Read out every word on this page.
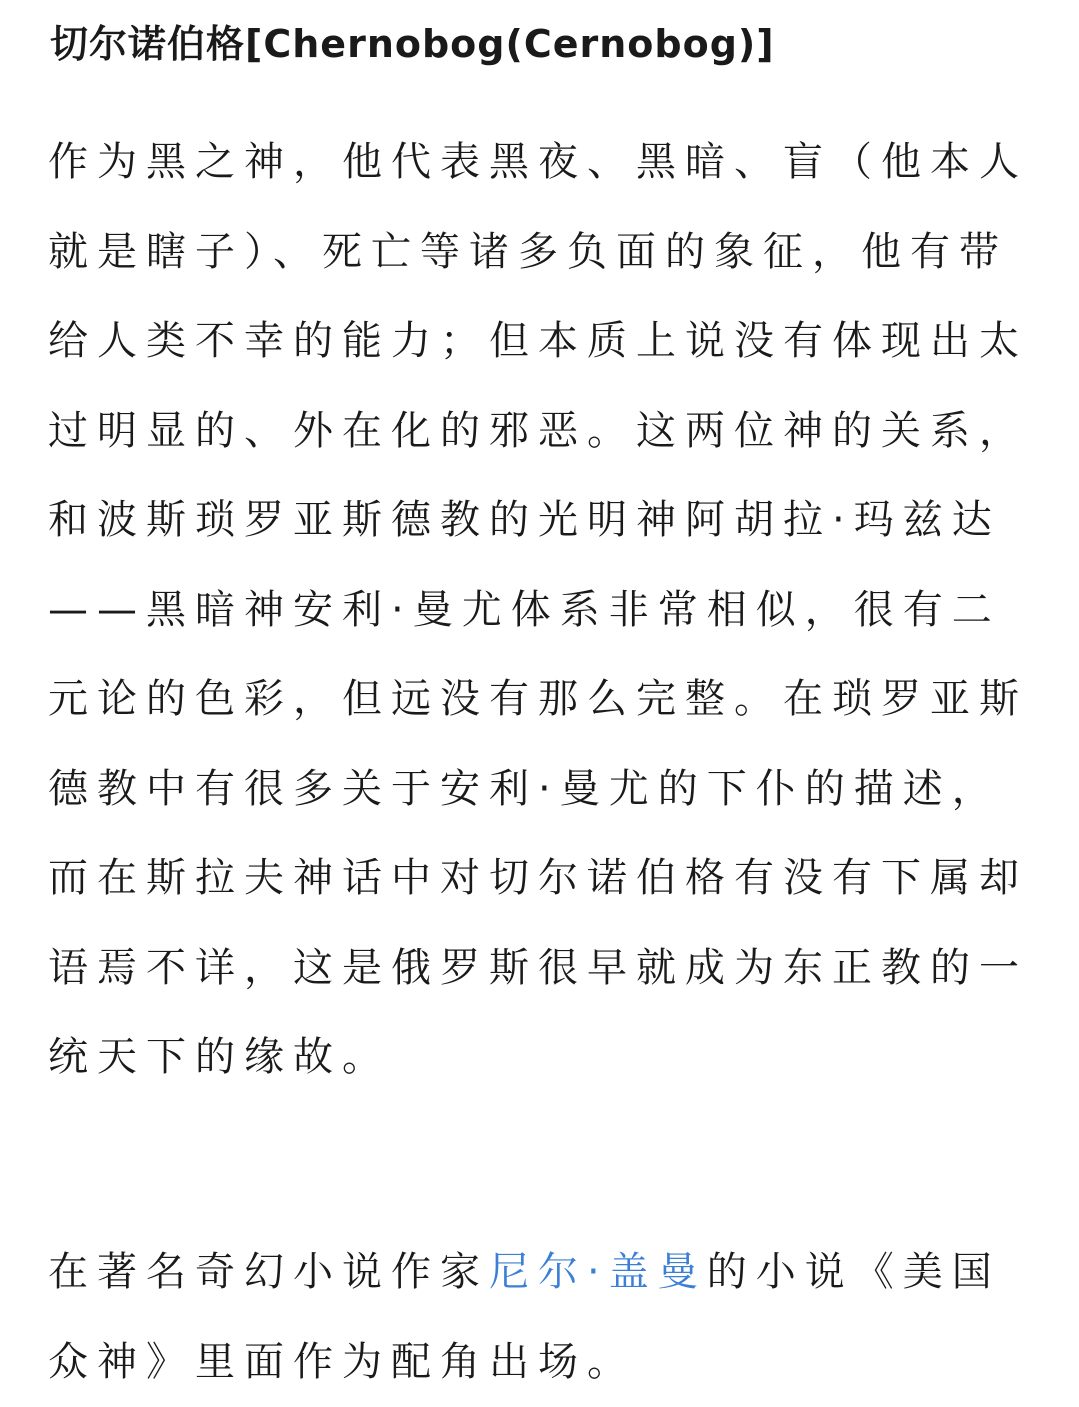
切尔诺伯格[Chernobog(Cernobog)]

作为黑之神，他代表黑夜、黑暗、盲（他本人就是瞎子）、死亡等诸多负面的象征，他有带给人类不幸的能力；但本质上说没有体现出太过明显的、外在化的邪恶。这两位神的关系，和波斯琐罗亚斯德教的光明神阿胡拉·玛兹达——黑暗神安利·曼尤体系非常相似，很有二元论的色彩，但远没有那么完整。在琐罗亚斯德教中有很多关于安利·曼尤的下仆的描述，而在斯拉夫神话中对切尔诺伯格有没有下属却语焉不详，这是俄罗斯很早就成为东正教的一统天下的缘故。

在著名奇幻小说作家尼尔·盖曼的小说《美国众神》里面作为配角出场。
